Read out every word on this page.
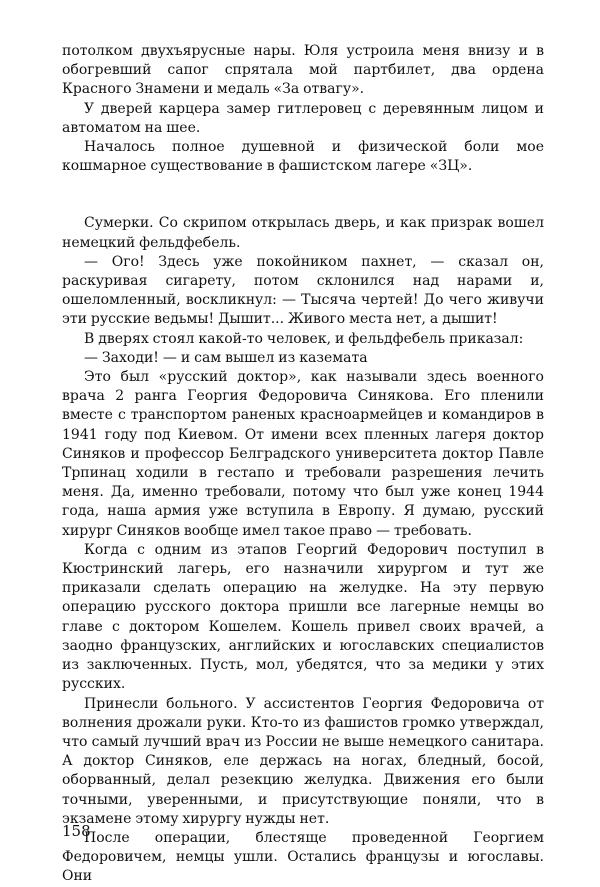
потолком двухъярусные нары. Юля устроила меня внизу и в обогревший сапог спрятала мой партбилет, два ордена Красного Знамени и медаль «За отвагу».

У дверей карцера замер гитлеровец с деревянным лицом и автоматом на шее.

Началось полное душевной и физической боли мое кошмарное существование в фашистском лагере «ЗЦ».

Сумерки. Со скрипом открылась дверь, и как призрак вошел немецкий фельдфебель.

— Ого! Здесь уже покойником пахнет, — сказал он, раскуривая сигарету, потом склонился над нарами и, ошеломленный, воскликнул: — Тысяча чертей! До чего живучи эти русские ведьмы! Дышит... Живого места нет, а дышит!

В дверях стоял какой-то человек, и фельдфебель приказал:

— Заходи! — и сам вышел из каземата

Это был «русский доктор», как называли здесь военного врача 2 ранга Георгия Федоровича Синякова. Его пленили вместе с транспортом раненых красноармейцев и командиров в 1941 году под Киевом. От имени всех пленных лагеря доктор Синяков и профессор Белградского университета доктор Павле Трпинац ходили в гестапо и требовали разрешения лечить меня. Да, именно требовали, потому что был уже конец 1944 года, наша армия уже вступила в Европу. Я думаю, русский хирург Синяков вообще имел такое право — требовать.

Когда с одним из этапов Георгий Федорович поступил в Кюстринский лагерь, его назначили хирургом и тут же приказали сделать операцию на желудке. На эту первую операцию русского доктора пришли все лагерные немцы во главе с доктором Кошелем. Кошель привел своих врачей, а заодно французских, английских и югославских специалистов из заключенных. Пусть, мол, убедятся, что за медики у этих русских.

Принесли больного. У ассистентов Георгия Федоровича от волнения дрожали руки. Кто-то из фашистов громко утверждал, что самый лучший врач из России не выше немецкого санитара. А доктор Синяков, еле держась на ногах, бледный, босой, оборванный, делал резекцию желудка. Движения его были точными, уверенными, и присутствующие поняли, что в экзамене этому хирургу нужды нет.

После операции, блестяще проведенной Георгием Федоровичем, немцы ушли. Остались французы и югославы. Они

158
